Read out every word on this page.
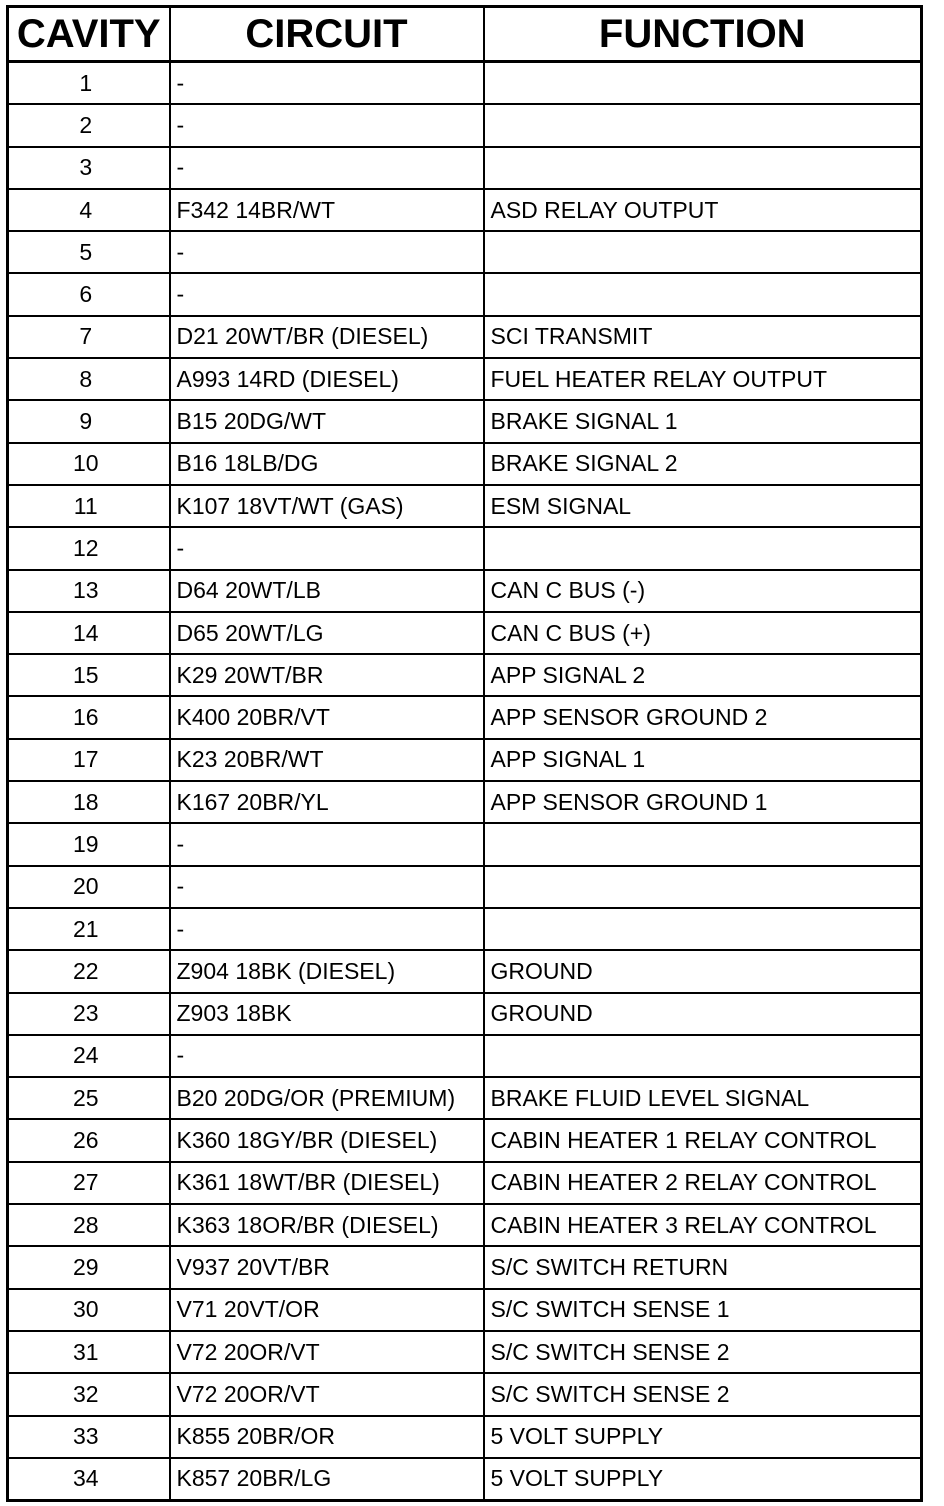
CAVITY	CIRCUIT	FUNCTION
1	-	
2	-	
3	-	
4	F342 14BR/WT	ASD RELAY OUTPUT
5	-	
6	-	
7	D21 20WT/BR (DIESEL)	SCI TRANSMIT
8	A993 14RD (DIESEL)	FUEL HEATER RELAY OUTPUT
9	B15 20DG/WT	BRAKE SIGNAL 1
10	B16 18LB/DG	BRAKE SIGNAL 2
11	K107 18VT/WT (GAS)	ESM SIGNAL
12	-	
13	D64 20WT/LB	CAN C BUS (-)
14	D65 20WT/LG	CAN C BUS (+)
15	K29 20WT/BR	APP SIGNAL 2
16	K400 20BR/VT	APP SENSOR GROUND 2
17	K23 20BR/WT	APP SIGNAL 1
18	K167 20BR/YL	APP SENSOR GROUND 1
19	-	
20	-	
21	-	
22	Z904 18BK (DIESEL)	GROUND
23	Z903 18BK	GROUND
24	-	
25	B20 20DG/OR (PREMIUM)	BRAKE FLUID LEVEL SIGNAL
26	K360 18GY/BR (DIESEL)	CABIN HEATER 1 RELAY CONTROL
27	K361 18WT/BR (DIESEL)	CABIN HEATER 2 RELAY CONTROL
28	K363 18OR/BR (DIESEL)	CABIN HEATER 3 RELAY CONTROL
29	V937 20VT/BR	S/C SWITCH RETURN
30	V71 20VT/OR	S/C SWITCH SENSE 1
31	V72 20OR/VT	S/C SWITCH SENSE 2
32	V72 20OR/VT	S/C SWITCH SENSE 2
33	K855 20BR/OR	5 VOLT SUPPLY
34	K857 20BR/LG	5 VOLT SUPPLY
